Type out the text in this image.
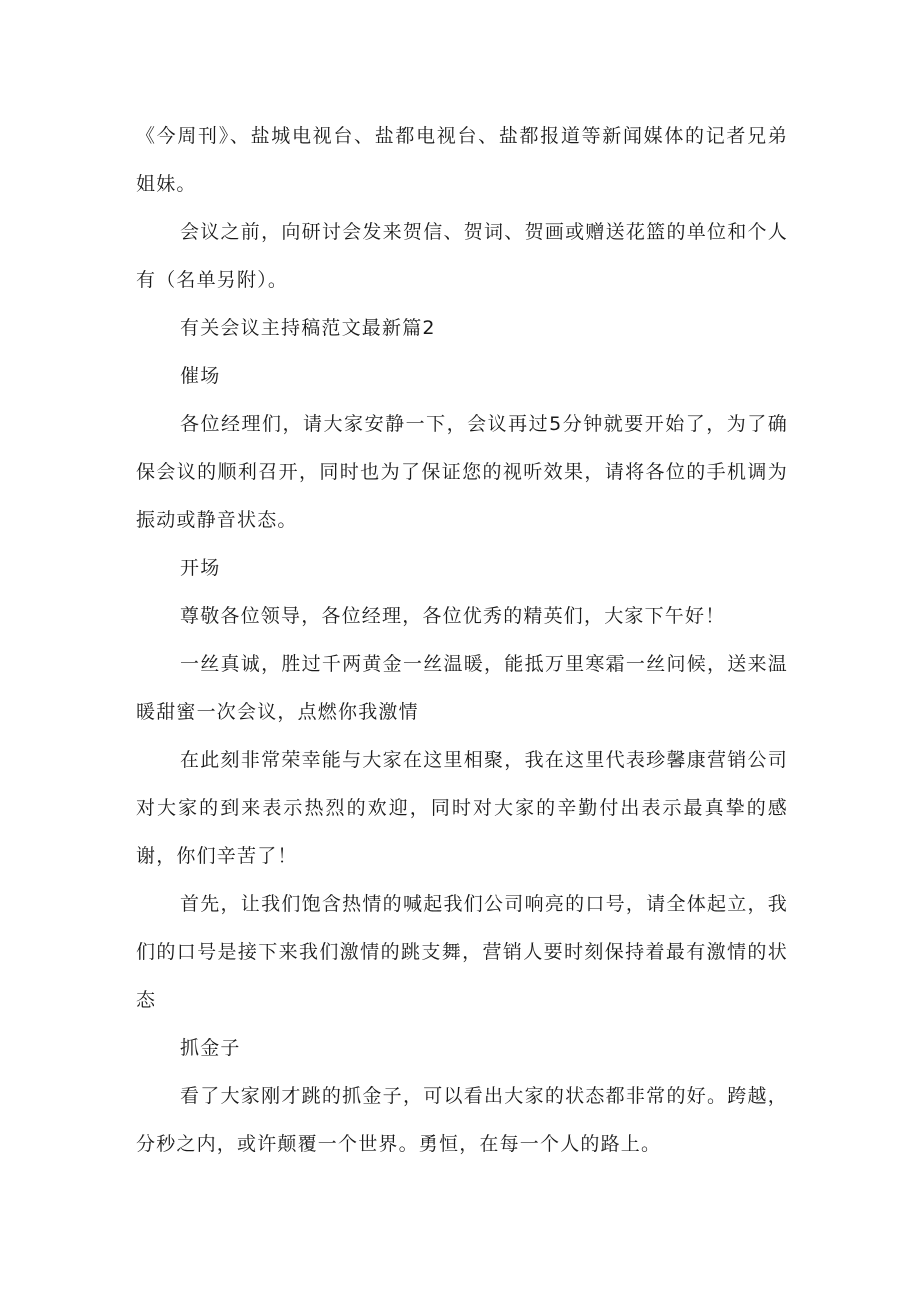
《今周刊》、盐城电视台、盐都电视台、盐都报道等新闻媒体的记者兄弟姐妹。

会议之前，向研讨会发来贺信、贺词、贺画或赠送花篮的单位和个人有（名单另附）。

有关会议主持稿范文最新篇2

催场

各位经理们，请大家安静一下，会议再过5分钟就要开始了，为了确保会议的顺利召开，同时也为了保证您的视听效果，请将各位的手机调为振动或静音状态。

开场

尊敬各位领导，各位经理，各位优秀的精英们，大家下午好！

一丝真诚，胜过千两黄金一丝温暖，能抵万里寒霜一丝问候，送来温暖甜蜜一次会议，点燃你我激情

在此刻非常荣幸能与大家在这里相聚，我在这里代表珍馨康营销公司对大家的到来表示热烈的欢迎，同时对大家的辛勤付出表示最真挚的感谢，你们辛苦了！

首先，让我们饱含热情的喊起我们公司响亮的口号，请全体起立，我们的口号是接下来我们激情的跳支舞，营销人要时刻保持着最有激情的状态

抓金子

看了大家刚才跳的抓金子，可以看出大家的状态都非常的好。跨越，分秒之内，或许颠覆一个世界。勇恒，在每一个人的路上。
